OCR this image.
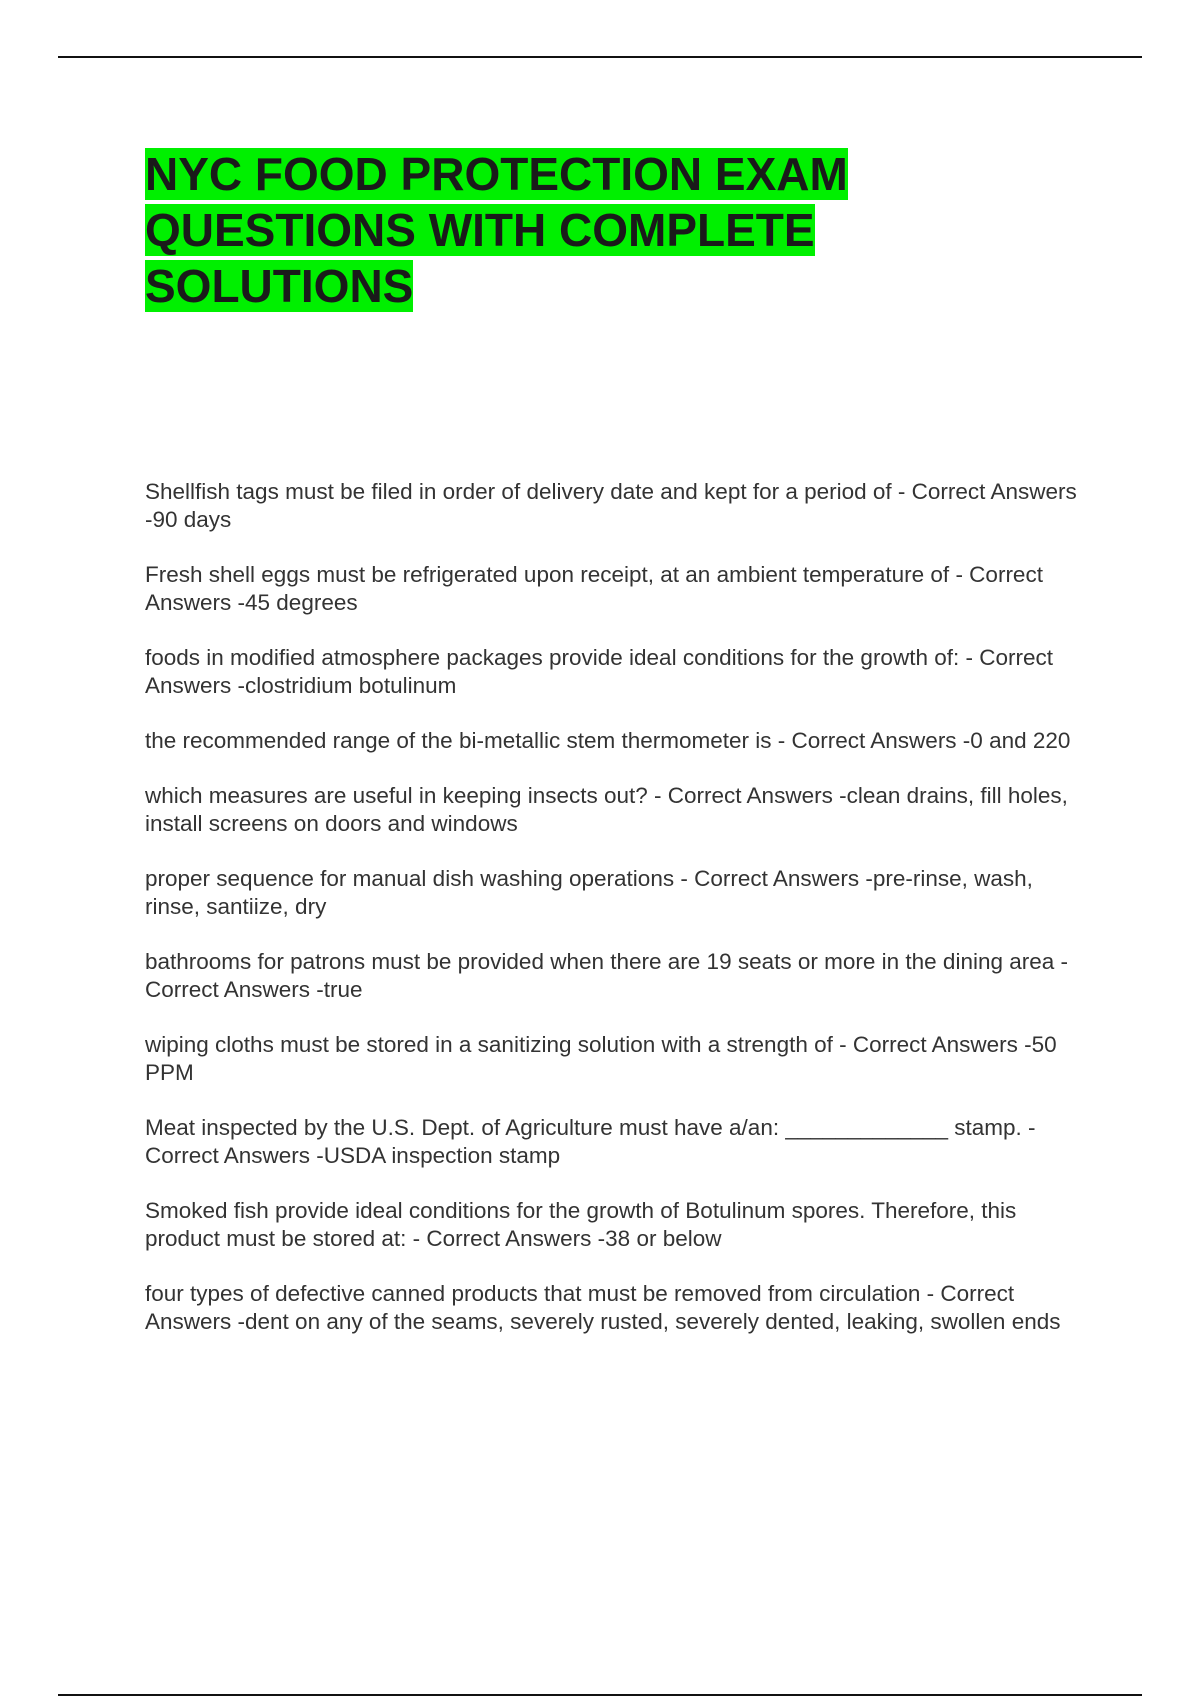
NYC FOOD PROTECTION EXAM QUESTIONS WITH COMPLETE SOLUTIONS
Shellfish tags must be filed in order of delivery date and kept for a period of - Correct Answers -90 days
Fresh shell eggs must be refrigerated upon receipt, at an ambient temperature of - Correct Answers -45 degrees
foods in modified atmosphere packages provide ideal conditions for the growth of: - Correct Answers -clostridium botulinum
the recommended range of the bi-metallic stem thermometer is - Correct Answers -0 and 220
which measures are useful in keeping insects out? - Correct Answers -clean drains, fill holes, install screens on doors and windows
proper sequence for manual dish washing operations - Correct Answers -pre-rinse, wash, rinse, santiize, dry
bathrooms for patrons must be provided when there are 19 seats or more in the dining area - Correct Answers -true
wiping cloths must be stored in a sanitizing solution with a strength of - Correct Answers -50 PPM
Meat inspected by the U.S. Dept. of Agriculture must have a/an: _____________ stamp. - Correct Answers -USDA inspection stamp
Smoked fish provide ideal conditions for the growth of Botulinum spores. Therefore, this product must be stored at: - Correct Answers -38 or below
four types of defective canned products that must be removed from circulation - Correct Answers -dent on any of the seams, severely rusted, severely dented, leaking, swollen ends
